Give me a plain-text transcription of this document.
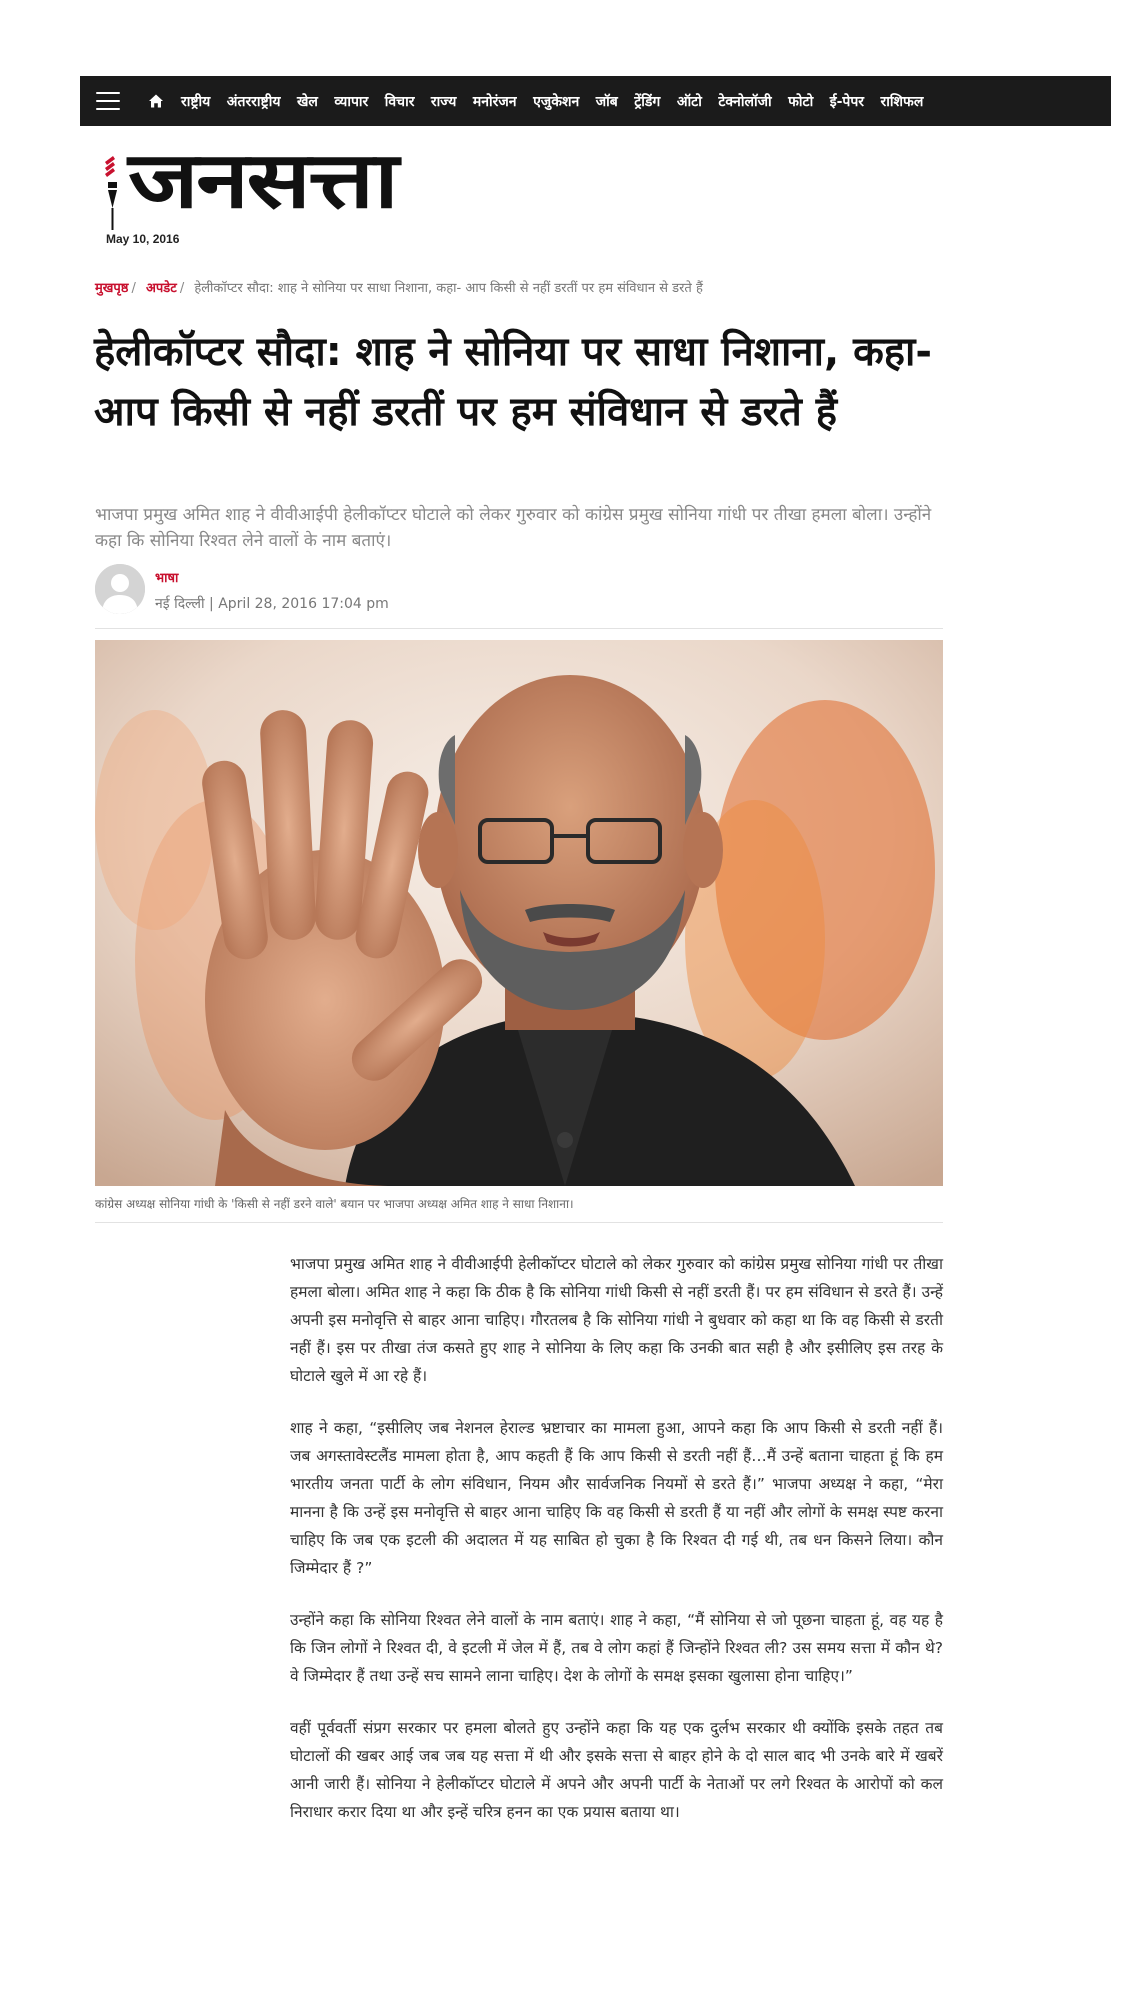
राष्ट्रीय अंतरराष्ट्रीय खेल व्यापार विचार राज्य मनोरंजन एजुकेशन जॉब ट्रेंडिंग ऑटो टेक्नोलॉजी फोटो ई-पेपर राशिफल
जनसत्ता
May 10, 2016
मुखपृष्ठ / अपडेट / हेलीकॉप्टर सौदा: शाह ने सोनिया पर साधा निशाना, कहा- आप किसी से नहीं डरतीं पर हम संविधान से डरते हैं
हेलीकॉप्टर सौदा: शाह ने सोनिया पर साधा निशाना, कहा- आप किसी से नहीं डरतीं पर हम संविधान से डरते हैं
भाजपा प्रमुख अमित शाह ने वीवीआईपी हेलीकॉप्टर घोटाले को लेकर गुरुवार को कांग्रेस प्रमुख सोनिया गांधी पर तीखा हमला बोला। उन्होंने कहा कि सोनिया रिश्वत लेने वालों के नाम बताएं।
भाषा
नई दिल्ली | April 28, 2016 17:04 pm
कांग्रेस अध्यक्ष सोनिया गांधी के 'किसी से नहीं डरने वाले' बयान पर भाजपा अध्यक्ष अमित शाह ने साधा निशाना।

भाजपा प्रमुख अमित शाह ने वीवीआईपी हेलीकॉप्टर घोटाले को लेकर गुरुवार को कांग्रेस प्रमुख सोनिया गांधी पर तीखा हमला बोला। अमित शाह ने कहा कि ठीक है कि सोनिया गांधी किसी से नहीं डरती हैं। पर हम संविधान से डरते हैं। उन्हें अपनी इस मनोवृत्ति से बाहर आना चाहिए। गौरतलब है कि सोनिया गांधी ने बुधवार को कहा था कि वह किसी से डरती नहीं हैं। इस पर तीखा तंज कसते हुए शाह ने सोनिया के लिए कहा कि उनकी बात सही है और इसीलिए इस तरह के घोटाले खुले में आ रहे हैं।

शाह ने कहा, “इसीलिए जब नेशनल हेराल्ड भ्रष्टाचार का मामला हुआ, आपने कहा कि आप किसी से डरती नहीं हैं। जब अगस्तावेस्टलैंड मामला होता है, आप कहती हैं कि आप किसी से डरती नहीं हैं…मैं उन्हें बताना चाहता हूं कि हम भारतीय जनता पार्टी के लोग संविधान, नियम और सार्वजनिक नियमों से डरते हैं।” भाजपा अध्यक्ष ने कहा, “मेरा मानना है कि उन्हें इस मनोवृत्ति से बाहर आना चाहिए कि वह किसी से डरती हैं या नहीं और लोगों के समक्ष स्पष्ट करना चाहिए कि जब एक इटली की अदालत में यह साबित हो चुका है कि रिश्वत दी गई थी, तब धन किसने लिया। कौन जिम्मेदार हैं ?”

उन्होंने कहा कि सोनिया रिश्वत लेने वालों के नाम बताएं। शाह ने कहा, “मैं सोनिया से जो पूछना चाहता हूं, वह यह है कि जिन लोगों ने रिश्वत दी, वे इटली में जेल में हैं, तब वे लोग कहां हैं जिन्होंने रिश्वत ली? उस समय सत्ता में कौन थे? वे जिम्मेदार हैं तथा उन्हें सच सामने लाना चाहिए। देश के लोगों के समक्ष इसका खुलासा होना चाहिए।”

वहीं पूर्ववर्ती संप्रग सरकार पर हमला बोलते हुए उन्होंने कहा कि यह एक दुर्लभ सरकार थी क्योंकि इसके तहत तब घोटालों की खबर आई जब जब यह सत्ता में थी और इसके सत्ता से बाहर होने के दो साल बाद भी उनके बारे में खबरें आनी जारी हैं। सोनिया ने हेलीकॉप्टर घोटाले में अपने और अपनी पार्टी के नेताओं पर लगे रिश्वत के आरोपों को कल निराधार करार दिया था और इन्हें चरित्र हनन का एक प्रयास बताया था।
